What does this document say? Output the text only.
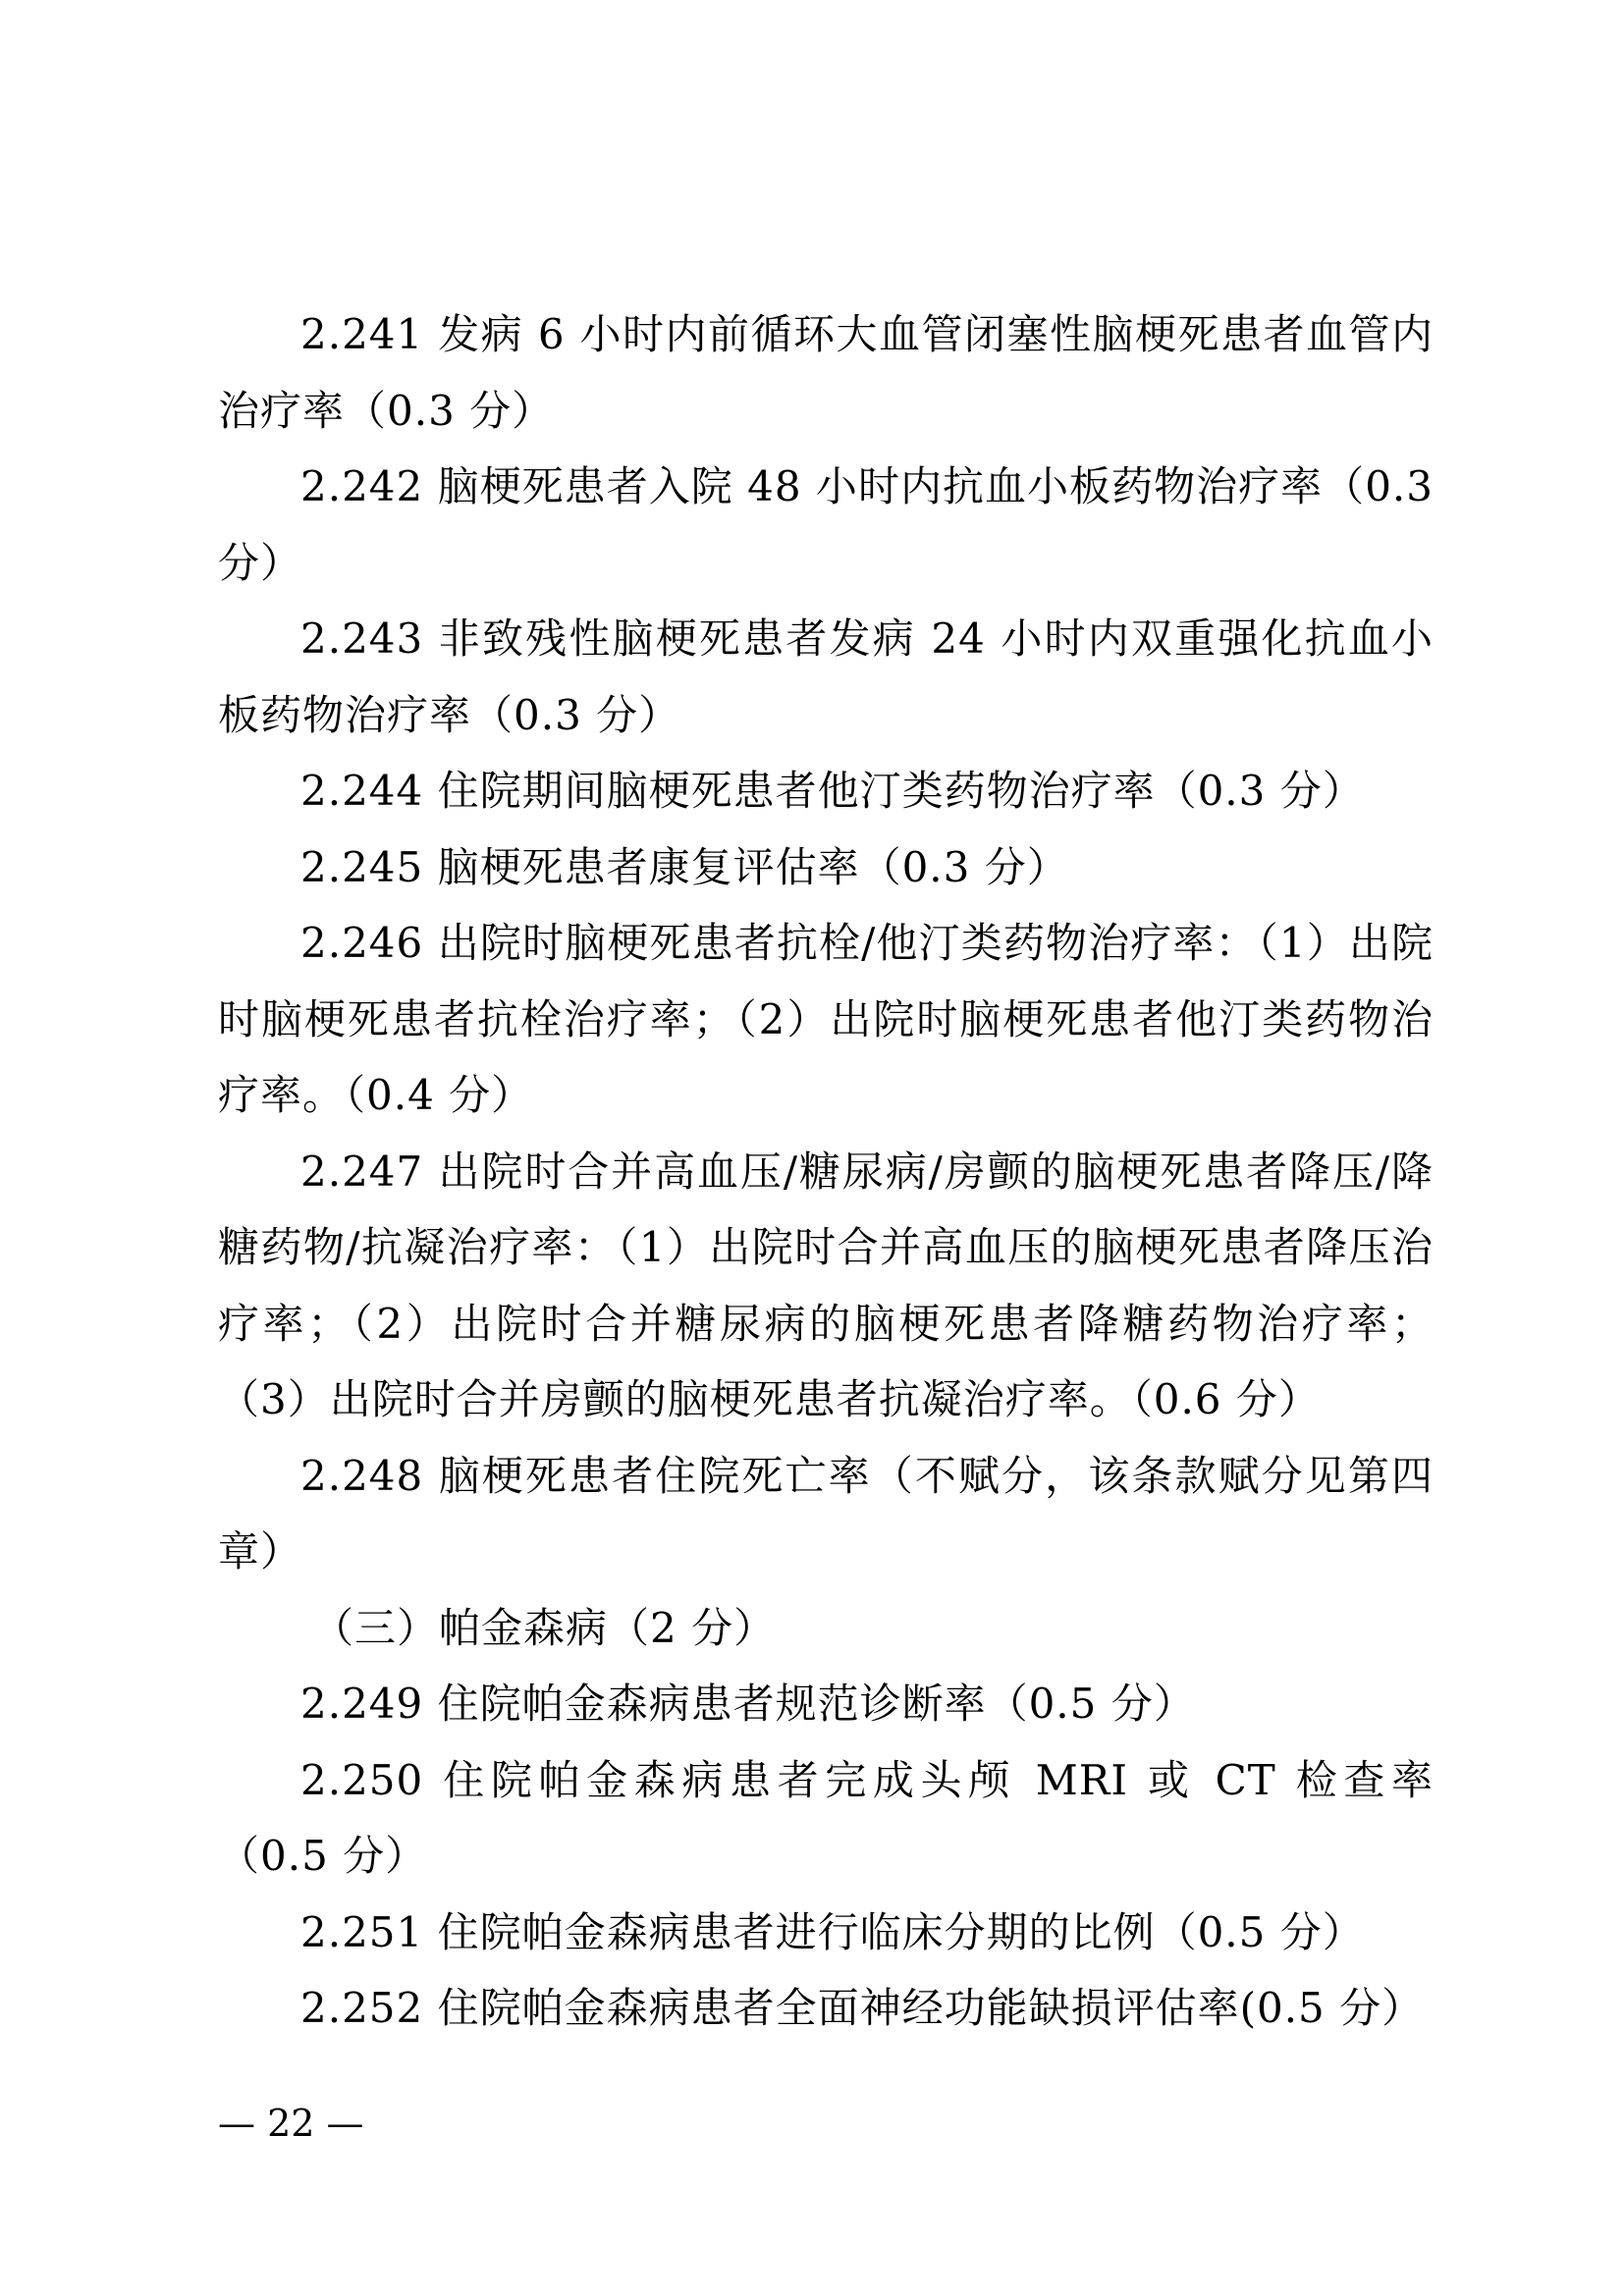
2.241 发病 6 小时内前循环大血管闭塞性脑梗死患者血管内治疗率（0.3 分）

2.242 脑梗死患者入院 48 小时内抗血小板药物治疗率（0.3 分）

2.243 非致残性脑梗死患者发病 24 小时内双重强化抗血小板药物治疗率（0.3 分）

2.244 住院期间脑梗死患者他汀类药物治疗率（0.3 分）

2.245 脑梗死患者康复评估率（0.3 分）

2.246 出院时脑梗死患者抗栓/他汀类药物治疗率：（1）出院时脑梗死患者抗栓治疗率；（2）出院时脑梗死患者他汀类药物治疗率。（0.4 分）

2.247 出院时合并高血压/糖尿病/房颤的脑梗死患者降压/降糖药物/抗凝治疗率：（1）出院时合并高血压的脑梗死患者降压治疗率；（2）出院时合并糖尿病的脑梗死患者降糖药物治疗率；（3）出院时合并房颤的脑梗死患者抗凝治疗率。（0.6 分）

2.248 脑梗死患者住院死亡率（不赋分，该条款赋分见第四章）

（三）帕金森病（2 分）

2.249 住院帕金森病患者规范诊断率（0.5 分）

2.250 住院帕金森病患者完成头颅 MRI 或 CT 检查率（0.5 分）

2.251 住院帕金森病患者进行临床分期的比例（0.5 分）

2.252 住院帕金森病患者全面神经功能缺损评估率(0.5 分）

— 22 —
